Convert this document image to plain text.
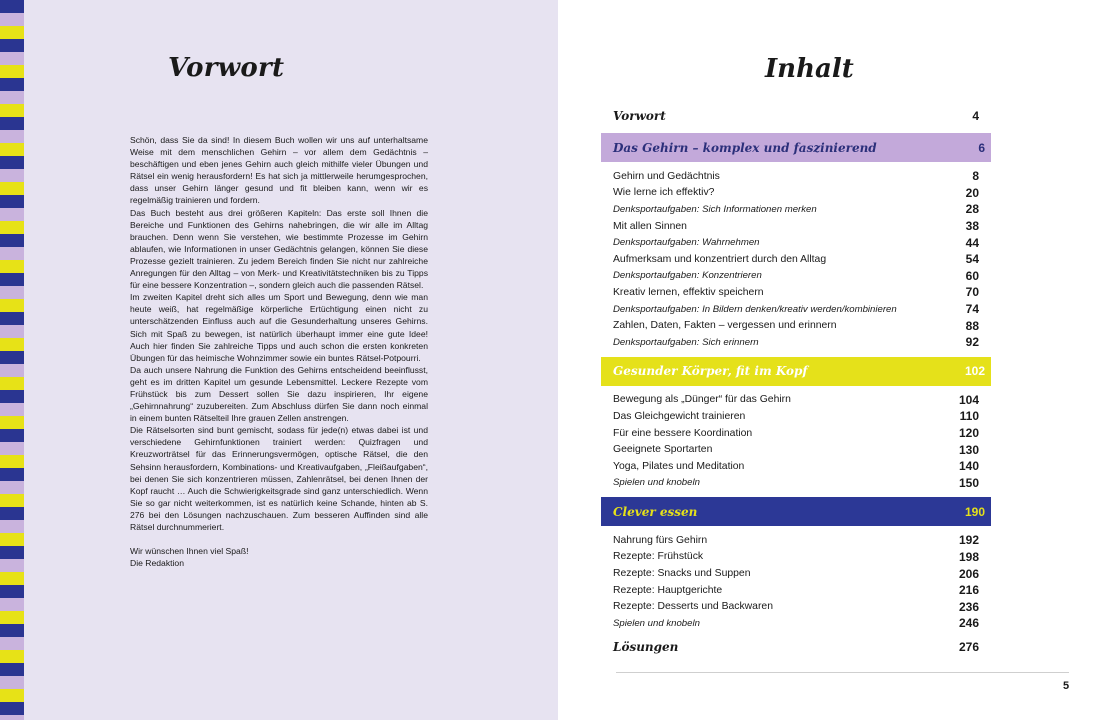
Vorwort

Schön, dass Sie da sind! In diesem Buch wollen wir uns auf unterhaltsame Weise mit dem menschlichen Gehirn – vor allem dem Gedächtnis – beschäftigen und eben jenes Gehirn auch gleich mithilfe vieler Übungen und Rätsel ein wenig herausfordern! Es hat sich ja mittlerweile herumgesprochen, dass unser Gehirn länger gesund und fit bleiben kann, wenn wir es regelmäßig trainieren und fordern.

Das Buch besteht aus drei größeren Kapiteln: Das erste soll Ihnen die Bereiche und Funktionen des Gehirns nahebringen, die wir alle im Alltag brauchen. Denn wenn Sie verstehen, wie bestimmte Prozesse im Gehirn ablaufen, wie Informationen in unser Gedächtnis gelangen, können Sie diese Prozesse gezielt trainieren. Zu jedem Bereich finden Sie nicht nur zahlreiche Anregungen für den Alltag – von Merk- und Kreativitätstechniken bis zu Tipps für eine bessere Konzentration –, sondern gleich auch die passenden Rätsel.

Im zweiten Kapitel dreht sich alles um Sport und Bewegung, denn wie man heute weiß, hat regelmäßige körperliche Ertüchtigung einen nicht zu unterschätzenden Einfluss auch auf die Gesunderhaltung unseres Gehirns. Sich mit Spaß zu bewegen, ist natürlich überhaupt immer eine gute Idee! Auch hier finden Sie zahlreiche Tipps und auch schon die ersten konkreten Übungen für das heimische Wohnzimmer sowie ein buntes Rätsel-Potpourri.

Da auch unsere Nahrung die Funktion des Gehirns entscheidend beeinflusst, geht es im dritten Kapitel um gesunde Lebensmittel. Leckere Rezepte vom Frühstück bis zum Dessert sollen Sie dazu inspirieren, Ihr eigene „Gehirnnahrung“ zuzubereiten. Zum Abschluss dürfen Sie dann noch einmal in einem bunten Rätselteil Ihre grauen Zellen anstrengen.

Die Rätselsorten sind bunt gemischt, sodass für jede(n) etwas dabei ist und verschiedene Gehirnfunktionen trainiert werden: Quizfragen und Kreuzworträtsel für das Erinnerungsvermögen, optische Rätsel, die den Sehsinn herausfordern, Kombinations- und Kreativaufgaben, „Fleißaufgaben“, bei denen Sie sich konzentrieren müssen, Zahlenrätsel, bei denen Ihnen der Kopf raucht … Auch die Schwierigkeitsgrade sind ganz unterschiedlich. Wenn Sie so gar nicht weiterkommen, ist es natürlich keine Schande, hinten ab S. 276 bei den Lösungen nachzuschauen. Zum besseren Auffinden sind alle Rätsel durchnummeriert.

Wir wünschen Ihnen viel Spaß!

Die Redaktion

Inhalt
Vorwort	4
Das Gehirn – komplex und faszinierend	6
Gehirn und Gedächtnis	8
Wie lerne ich effektiv?	20
Denksportaufgaben: Sich Informationen merken	28
Mit allen Sinnen	38
Denksportaufgaben: Wahrnehmen	44
Aufmerksam und konzentriert durch den Alltag	54
Denksportaufgaben: Konzentrieren	60
Kreativ lernen, effektiv speichern	70
Denksportaufgaben: In Bildern denken/kreativ werden/kombinieren	74
Zahlen, Daten, Fakten – vergessen und erinnern	88
Denksportaufgaben: Sich erinnern	92
Gesunder Körper, fit im Kopf	102
Bewegung als „Dünger“ für das Gehirn	104
Das Gleichgewicht trainieren	110
Für eine bessere Koordination	120
Geeignete Sportarten	130
Yoga, Pilates und Meditation	140
Spielen und knobeln	150
Clever essen	190
Nahrung fürs Gehirn	192
Rezepte: Frühstück	198
Rezepte: Snacks und Suppen	206
Rezepte: Hauptgerichte	216
Rezepte: Desserts und Backwaren	236
Spielen und knobeln	246
Lösungen	276
5
